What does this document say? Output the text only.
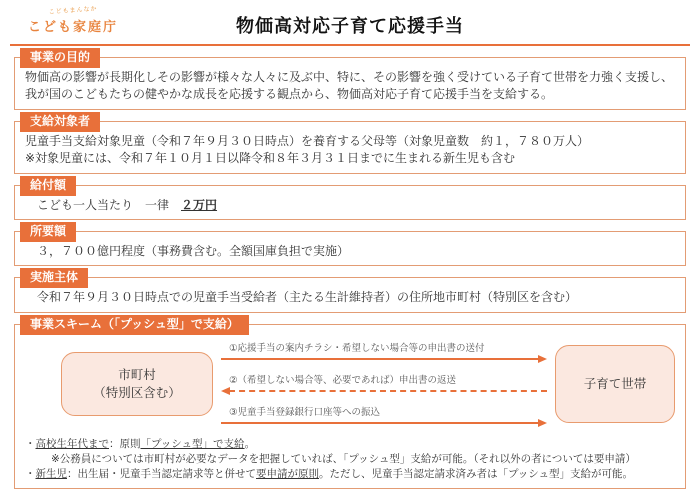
こどもまんなか
こども家庭庁	物価高対応子育て応援手当
事業の目的
物価高の影響が長期化しその影響が様々な人々に及ぶ中、特に、その影響を強く受けている子育て世帯を力強く支援し、我が国のこどもたちの健やかな成長を応援する観点から、物価高対応子育て応援手当を支給する。
支給対象者
児童手当支給対象児童（令和７年９月３０日時点）を養育する父母等（対象児童数　約１，７８０万人）
※対象児童には、令和７年１０月１日以降令和８年３月３１日までに生まれる新生児も含む
給付額
こども一人当たり　一律　２万円
所要額
３，７００億円程度（事務費含む。全額国庫負担で実施）
実施主体
令和７年９月３０日時点での児童手当受給者（主たる生計維持者）の住所地市町村（特別区を含む）
事業スキーム（「プッシュ型」で支給）
市町村
（特別区含む）
①応援手当の案内チラシ・希望しない場合等の申出書の送付
②（希望しない場合等、必要であれば）申出書の返送
③児童手当登録銀行口座等への振込
子育て世帯
・高校生年代まで：原則「プッシュ型」で支給。
※公務員については市町村が必要なデータを把握していれば、「プッシュ型」支給が可能。（それ以外の者については要申請）
・新生児：出生届・児童手当認定請求等と併せて要申請が原則。ただし、児童手当認定請求済み者は「プッシュ型」支給が可能。
